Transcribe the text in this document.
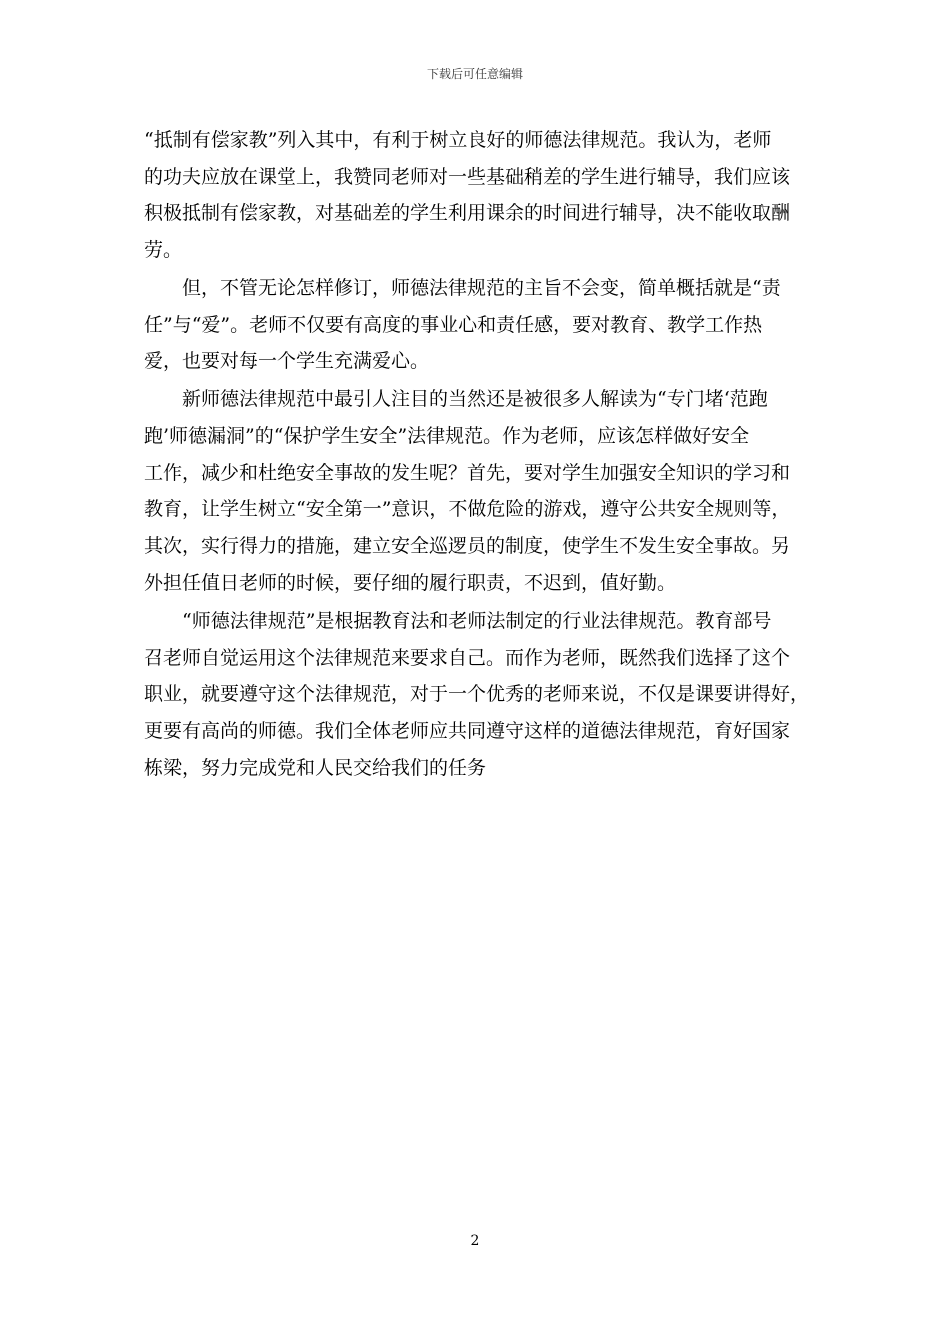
下载后可任意编辑
“抵制有偿家教”列入其中，有利于树立良好的师德法律规范。我认为，老师
的功夫应放在课堂上，我赞同老师对一些基础稍差的学生进行辅导，我们应该
积极抵制有偿家教，对基础差的学生利用课余的时间进行辅导，决不能收取酬
劳。
但，不管无论怎样修订，师德法律规范的主旨不会变，简单概括就是“责
任”与“爱”。老师不仅要有高度的事业心和责任感，要对教育、教学工作热
爱，也要对每一个学生充满爱心。
新师德法律规范中最引人注目的当然还是被很多人解读为“专门堵‘范跑
跑’师德漏洞”的“保护学生安全”法律规范。作为老师，应该怎样做好安全
工作，减少和杜绝安全事故的发生呢？首先，要对学生加强安全知识的学习和
教育，让学生树立“安全第一”意识，不做危险的游戏，遵守公共安全规则等，
其次，实行得力的措施，建立安全巡逻员的制度，使学生不发生安全事故。另
外担任值日老师的时候，要仔细的履行职责，不迟到，值好勤。
“师德法律规范”是根据教育法和老师法制定的行业法律规范。教育部号
召老师自觉运用这个法律规范来要求自己。而作为老师，既然我们选择了这个
职业，就要遵守这个法律规范，对于一个优秀的老师来说，不仅是课要讲得好，
更要有高尚的师德。我们全体老师应共同遵守这样的道德法律规范，育好国家
栋梁，努力完成党和人民交给我们的任务
2
